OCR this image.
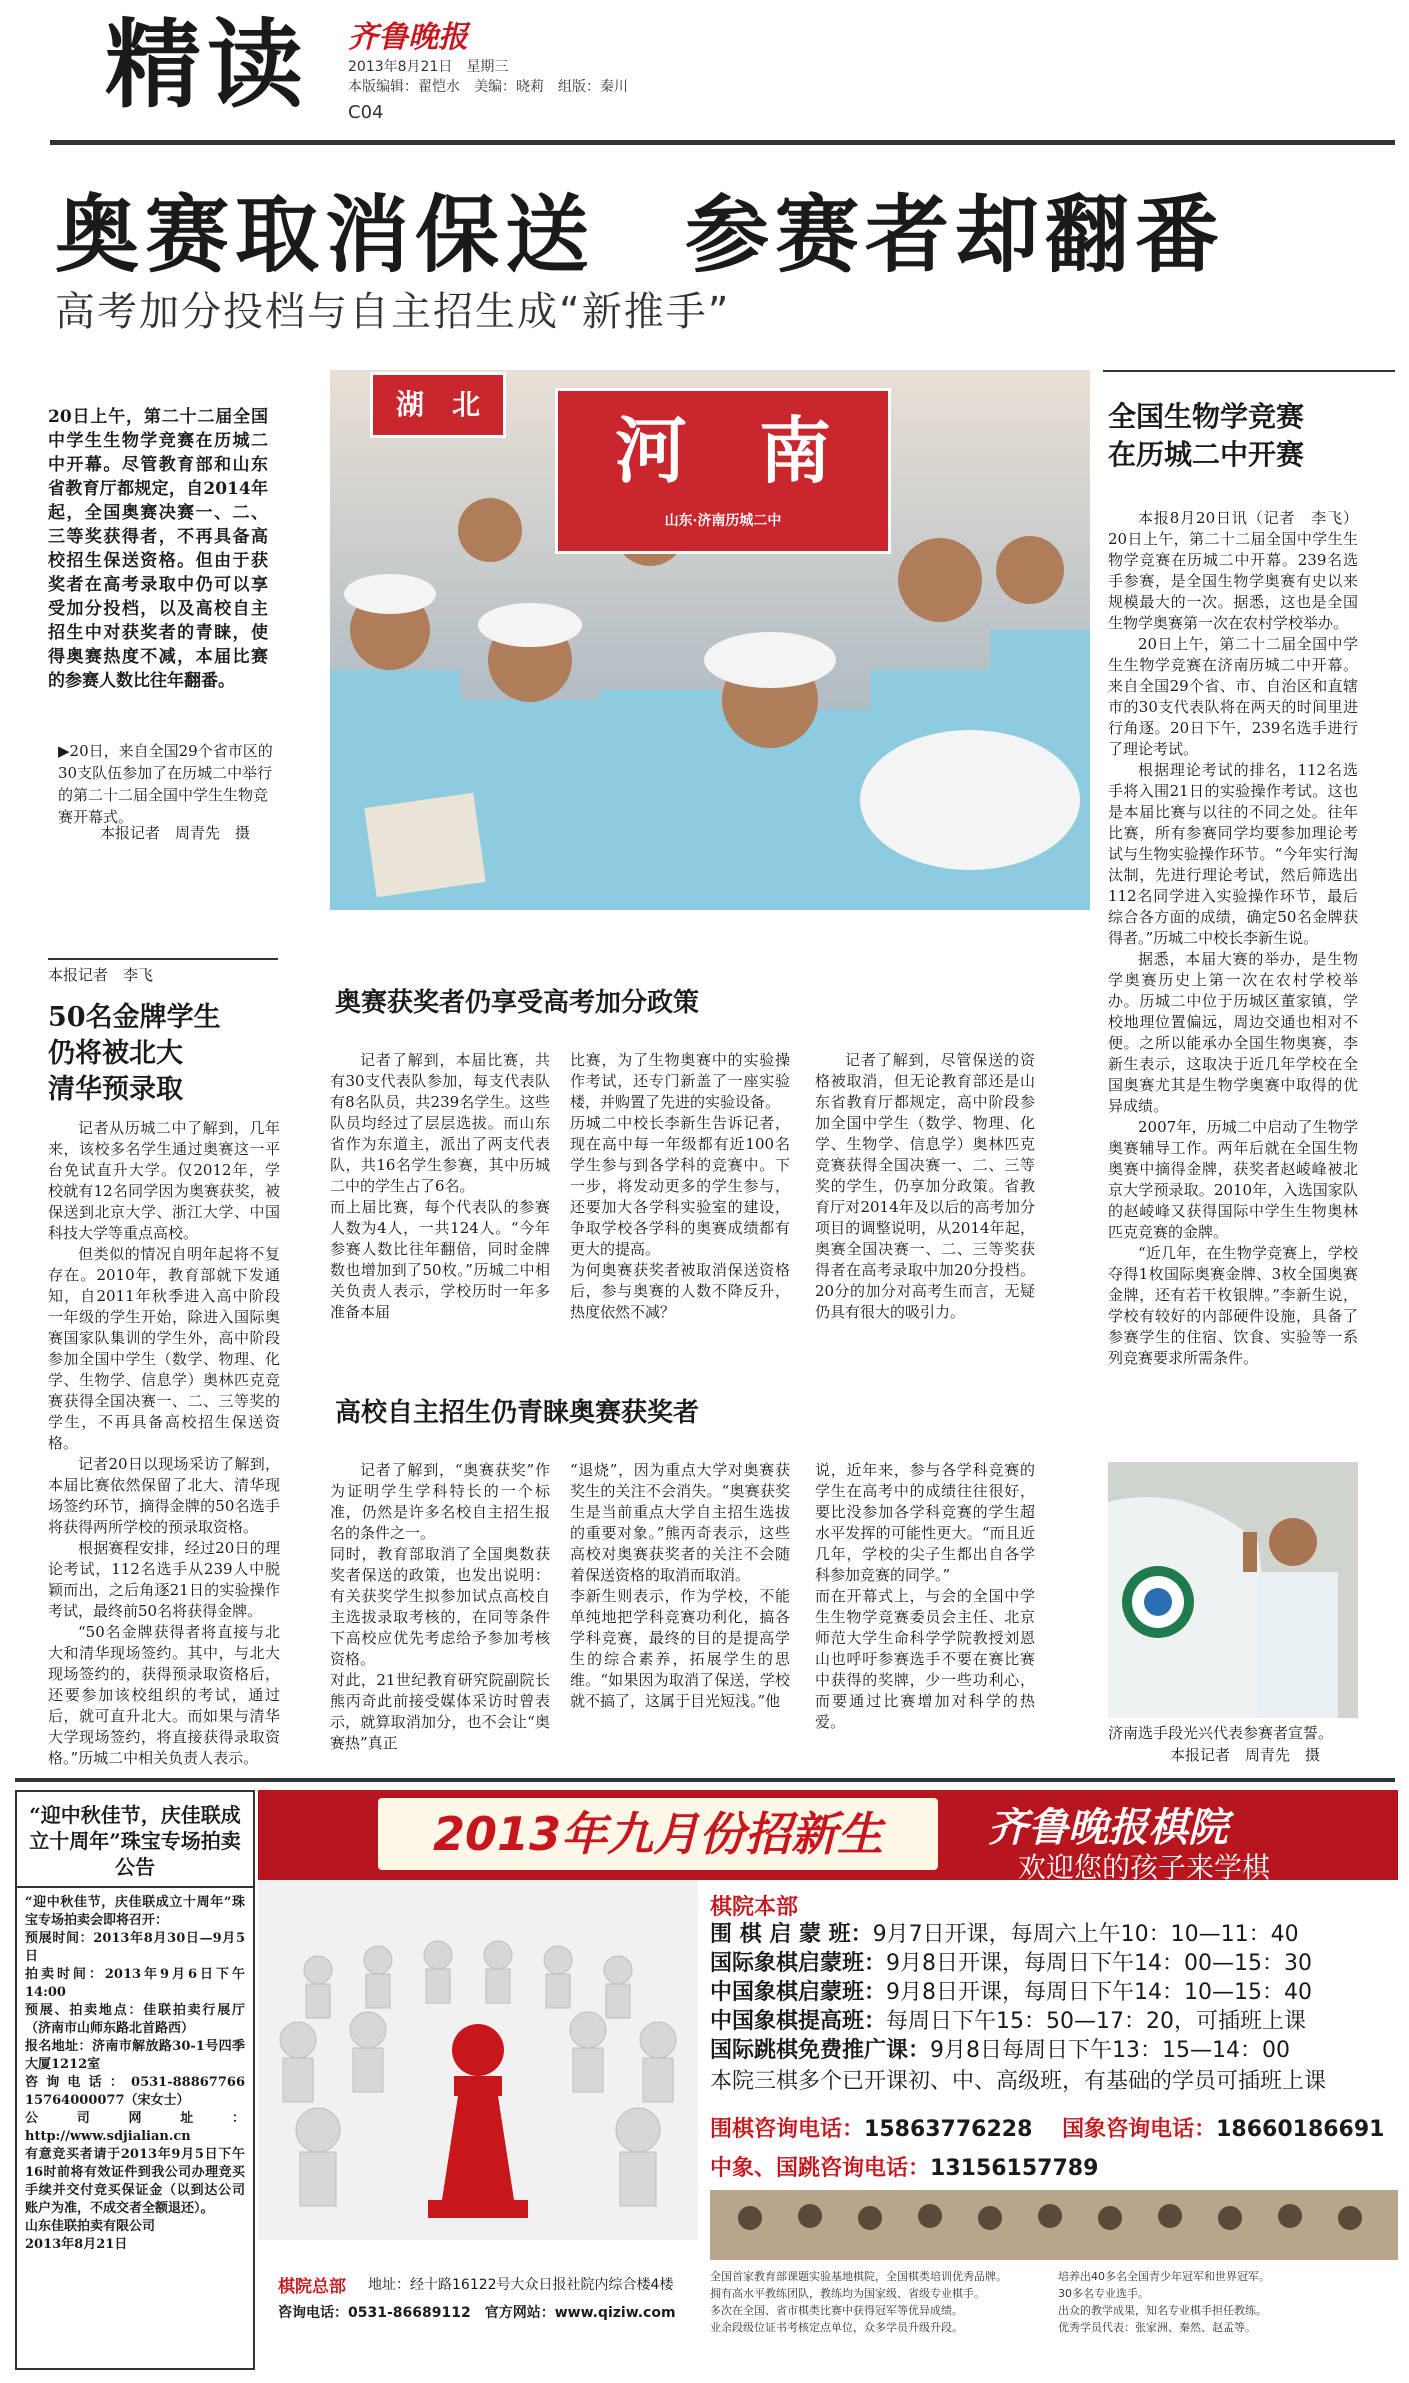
精读 齐鲁晚报
2013年8月21日　星期三
本版编辑：翟恺水　美编：晓莉　组版：秦川
C04
奥赛取消保送　参赛者却翻番
高考加分投档与自主招生成“新推手”
20日上午，第二十二届全国中学生生物学竞赛在历城二中开幕。尽管教育部和山东省教育厅都规定，自2014年起，全国奥赛决赛一、二、三等奖获得者，不再具备高校招生保送资格。但由于获奖者在高考录取中仍可以享受加分投档，以及高校自主招生中对获奖者的青睐，使得奥赛热度不减，本届比赛的参赛人数比往年翻番。
▶20日，来自全国29个省市区的30支队伍参加了在历城二中举行的第二十二届全国中学生生物竞赛开幕式。
本报记者　周青先　摄
湖　北
河　南
山东·济南历城二中
全国生物学竞赛
在历城二中开赛

本报8月20日讯（记者　李飞）20日上午，第二十二届全国中学生生物学竞赛在历城二中开幕。239名选手参赛，是全国生物学奥赛有史以来规模最大的一次。据悉，这也是全国生物学奥赛第一次在农村学校举办。

20日上午，第二十二届全国中学生生物学竞赛在济南历城二中开幕。来自全国29个省、市、自治区和直辖市的30支代表队将在两天的时间里进行角逐。20日下午，239名选手进行了理论考试。

根据理论考试的排名，112名选手将入围21日的实验操作考试。这也是本届比赛与以往的不同之处。往年比赛，所有参赛同学均要参加理论考试与生物实验操作环节。“今年实行淘汰制，先进行理论考试，然后筛选出112名同学进入实验操作环节，最后综合各方面的成绩，确定50名金牌获得者。”历城二中校长李新生说。

据悉，本届大赛的举办，是生物学奥赛历史上第一次在农村学校举办。历城二中位于历城区董家镇，学校地理位置偏远，周边交通也相对不便。之所以能承办全国生物奥赛，李新生表示，这取决于近几年学校在全国奥赛尤其是生物学奥赛中取得的优异成绩。

2007年，历城二中启动了生物学奥赛辅导工作。两年后就在全国生物奥赛中摘得金牌，获奖者赵崚峰被北京大学预录取。2010年，入选国家队的赵崚峰又获得国际中学生生物奥林匹克竞赛的金牌。

“近几年，在生物学竞赛上，学校夺得1枚国际奥赛金牌、3枚全国奥赛金牌，还有若干枚银牌。”李新生说，学校有较好的内部硬件设施，具备了参赛学生的住宿、饮食、实验等一系列竞赛要求所需条件。

济南选手段光兴代表参赛者宣誓。
本报记者　周青先　摄
本报记者　李飞
50名金牌学生
仍将被北大
清华预录取

记者从历城二中了解到，几年来，该校多名学生通过奥赛这一平台免试直升大学。仅2012年，学校就有12名同学因为奥赛获奖，被保送到北京大学、浙江大学、中国科技大学等重点高校。

但类似的情况自明年起将不复存在。2010年，教育部就下发通知，自2011年秋季进入高中阶段一年级的学生开始，除进入国际奥赛国家队集训的学生外，高中阶段参加全国中学生（数学、物理、化学、生物学、信息学）奥林匹克竞赛获得全国决赛一、二、三等奖的学生，不再具备高校招生保送资格。

记者20日以现场采访了解到，本届比赛依然保留了北大、清华现场签约环节，摘得金牌的50名选手将获得两所学校的预录取资格。

根据赛程安排，经过20日的理论考试，112名选手从239人中脱颖而出，之后角逐21日的实验操作考试，最终前50名将获得金牌。

“50名金牌获得者将直接与北大和清华现场签约。其中，与北大现场签约的，获得预录取资格后，还要参加该校组织的考试，通过后，就可直升北大。而如果与清华大学现场签约，将直接获得录取资格。”历城二中相关负责人表示。

奥赛获奖者仍享受高考加分政策
记者了解到，本届比赛，共有30支代表队参加，每支代表队有8名队员，共239名学生。这些队员均经过了层层选拔。而山东省作为东道主，派出了两支代表队，共16名学生参赛，其中历城二中的学生占了6名。
而上届比赛，每个代表队的参赛人数为4人，一共124人。“今年参赛人数比往年翻倍，同时金牌数也增加到了50枚。”历城二中相关负责人表示，学校历时一年多准备本届
比赛，为了生物奥赛中的实验操作考试，还专门新盖了一座实验楼，并购置了先进的实验设备。
历城二中校长李新生告诉记者，现在高中每一年级都有近100名学生参与到各学科的竞赛中。下一步，将发动更多的学生参与，还要加大各学科实验室的建设，争取学校各学科的奥赛成绩都有更大的提高。
为何奥赛获奖者被取消保送资格后，参与奥赛的人数不降反升，热度依然不减？
记者了解到，尽管保送的资格被取消，但无论教育部还是山东省教育厅都规定，高中阶段参加全国中学生（数学、物理、化学、生物学、信息学）奥林匹克竞赛获得全国决赛一、二、三等奖的学生，仍享加分政策。省教育厅对2014年及以后的高考加分项目的调整说明，从2014年起，奥赛全国决赛一、二、三等奖获得者在高考录取中加20分投档。20分的加分对高考生而言，无疑仍具有很大的吸引力。
高校自主招生仍青睐奥赛获奖者
记者了解到，“奥赛获奖”作为证明学生学科特长的一个标准，仍然是许多名校自主招生报名的条件之一。
同时，教育部取消了全国奥数获奖者保送的政策，也发出说明：有关获奖学生拟参加试点高校自主选拔录取考核的，在同等条件下高校应优先考虑给予参加考核资格。
对此，21世纪教育研究院副院长熊丙奇此前接受媒体采访时曾表示，就算取消加分，也不会让“奥赛热”真正
“退烧”，因为重点大学对奥赛获奖生的关注不会消失。“奥赛获奖生是当前重点大学自主招生选拔的重要对象。”熊丙奇表示，这些高校对奥赛获奖者的关注不会随着保送资格的取消而取消。
李新生则表示，作为学校，不能单纯地把学科竞赛功利化，搞各学科竞赛，最终的目的是提高学生的综合素养，拓展学生的思维。“如果因为取消了保送，学校就不搞了，这属于目光短浅。”他
说，近年来，参与各学科竞赛的学生在高考中的成绩往往很好，要比没参加各学科竞赛的学生超水平发挥的可能性更大。“而且近几年，学校的尖子生都出自各学科参加竞赛的同学。”
而在开幕式上，与会的全国中学生生物学竞赛委员会主任、北京师范大学生命科学学院教授刘恩山也呼吁参赛选手不要在赛比赛中获得的奖牌，少一些功利心，而要通过比赛增加对科学的热爱。
“迎中秋佳节，庆佳联成立十周年”珠宝专场拍卖公告
“迎中秋佳节，庆佳联成立十周年”珠宝专场拍卖会即将召开：
预展时间：2013年8月30日—9月5日
拍卖时间：2013年9月6日下午14:00
预展、拍卖地点：佳联拍卖行展厅（济南市山师东路北首路西）
报名地址：济南市解放路30-1号四季大厦1212室
咨询电话：0531-88867766　15764000077（宋女士）
公司网址：http://www.sdjialian.cn
有意竞买者请于2013年9月5日下午16时前将有效证件到我公司办理竞买手续并交付竞买保证金（以到达公司账户为准，不成交者全额退还）。
山东佳联拍卖有限公司
2013年8月21日
2013年九月份招新生	齐鲁晚报棋院
欢迎您的孩子来学棋
棋院本部
围 棋 启 蒙 班：9月7日开课，每周六上午10：10—11：40
国际象棋启蒙班：9月8日开课，每周日下午14：00—15：30
中国象棋启蒙班：9月8日开课，每周日下午14：10—15：40
中国象棋提高班：每周日下午15：50—17：20，可插班上课
国际跳棋免费推广课：9月8日每周日下午13：15—14：00
本院三棋多个已开课初、中、高级班，有基础的学员可插班上课
围棋咨询电话：15863776228 国象咨询电话：18660186691
中象、国跳咨询电话：13156157789
棋院总部 地址：经十路16122号大众日报社院内综合楼4楼
咨询电话：0531-86689112　官方网站：www.qiziw.com
全国首家教育部课题实验基地棋院，全国棋类培训优秀品牌。
拥有高水平教练团队，教练均为国家级、省级专业棋手。
多次在全国、省市棋类比赛中获得冠军等优异成绩。
业余段级位证书考核定点单位，众多学员升级升段。
培养出40多名全国青少年冠军和世界冠军。
30多名专业选手。
出众的教学成果，知名专业棋手担任教练。
优秀学员代表：张家洲、秦然、赵孟等。
